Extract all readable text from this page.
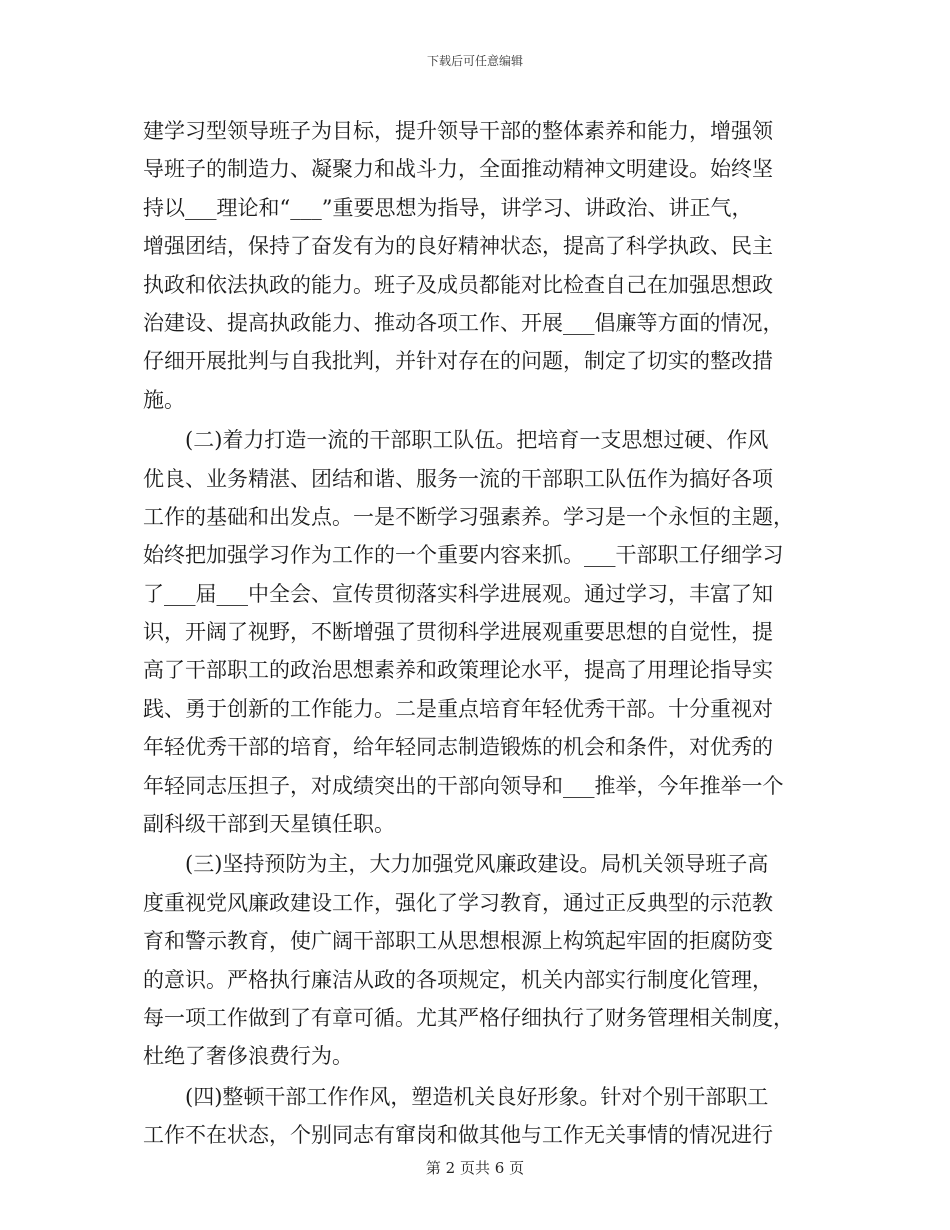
下载后可任意编辑
建学习型领导班子为目标，提升领导干部的整体素养和能力，增强领
导班子的制造力、凝聚力和战斗力，全面推动精神文明建设。始终坚
持以___理论和“___”重要思想为指导，讲学习、讲政治、讲正气，
增强团结，保持了奋发有为的良好精神状态，提高了科学执政、民主
执政和依法执政的能力。班子及成员都能对比检查自己在加强思想政
治建设、提高执政能力、推动各项工作、开展___倡廉等方面的情况，
仔细开展批判与自我批判，并针对存在的问题，制定了切实的整改措
施。
　　(二)着力打造一流的干部职工队伍。把培育一支思想过硬、作风
优良、业务精湛、团结和谐、服务一流的干部职工队伍作为搞好各项
工作的基础和出发点。一是不断学习强素养。学习是一个永恒的主题，
始终把加强学习作为工作的一个重要内容来抓。___干部职工仔细学习
了___届___中全会、宣传贯彻落实科学进展观。通过学习，丰富了知
识，开阔了视野，不断增强了贯彻科学进展观重要思想的自觉性，提
高了干部职工的政治思想素养和政策理论水平，提高了用理论指导实
践、勇于创新的工作能力。二是重点培育年轻优秀干部。十分重视对
年轻优秀干部的培育，给年轻同志制造锻炼的机会和条件，对优秀的
年轻同志压担子，对成绩突出的干部向领导和___推举，今年推举一个
副科级干部到天星镇任职。
　　(三)坚持预防为主，大力加强党风廉政建设。局机关领导班子高
度重视党风廉政建设工作，强化了学习教育，通过正反典型的示范教
育和警示教育，使广阔干部职工从思想根源上构筑起牢固的拒腐防变
的意识。严格执行廉洁从政的各项规定，机关内部实行制度化管理，
每一项工作做到了有章可循。尤其严格仔细执行了财务管理相关制度，
杜绝了奢侈浪费行为。
　　(四)整顿干部工作作风，塑造机关良好形象。针对个别干部职工
工作不在状态，个别同志有窜岗和做其他与工作无关事情的情况进行
第 2 页共 6 页
